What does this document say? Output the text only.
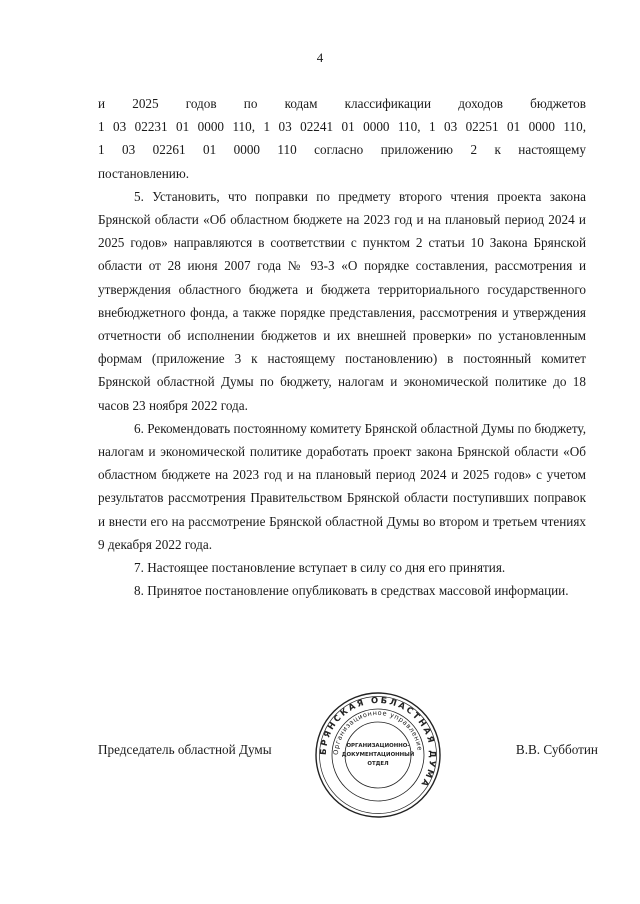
4

и 2025 годов по кодам классификации доходов бюджетов
1 03 02231 01 0000 110, 1 03 02241 01 0000 110, 1 03 02251 01 0000 110,
1 03 02261 01 0000 110 согласно приложению 2 к настоящему
постановлению.

5. Установить, что поправки по предмету второго чтения проекта закона Брянской области «Об областном бюджете на 2023 год и на плановый период 2024 и 2025 годов» направляются в соответствии с пунктом 2 статьи 10 Закона Брянской области от 28 июня 2007 года № 93-З «О порядке составления, рассмотрения и утверждения областного бюджета и бюджета территориального государственного внебюджетного фонда, а также порядке представления, рассмотрения и утверждения отчетности об исполнении бюджетов и их внешней проверки» по установленным формам (приложение 3 к настоящему постановлению) в постоянный комитет Брянской областной Думы по бюджету, налогам и экономической политике до 18 часов 23 ноября 2022 года.

6. Рекомендовать постоянному комитету Брянской областной Думы по бюджету, налогам и экономической политике доработать проект закона Брянской области «Об областном бюджете на 2023 год и на плановый период 2024 и 2025 годов» с учетом результатов рассмотрения Правительством Брянской области поступивших поправок и внести его на рассмотрение Брянской областной Думы во втором и третьем чтениях 9 декабря 2022 года.

7. Настоящее постановление вступает в силу со дня его принятия.

8. Принятое постановление опубликовать в средствах массовой информации.

Председатель областной Думы	В.В. Субботин
БРЯНСКАЯ ОБЛАСТНАЯ ДУМА
Организационное управление
ОРГАНИЗАЦИОННО-
ДОКУМЕНТАЦИОННЫЙ
ОТДЕЛ
